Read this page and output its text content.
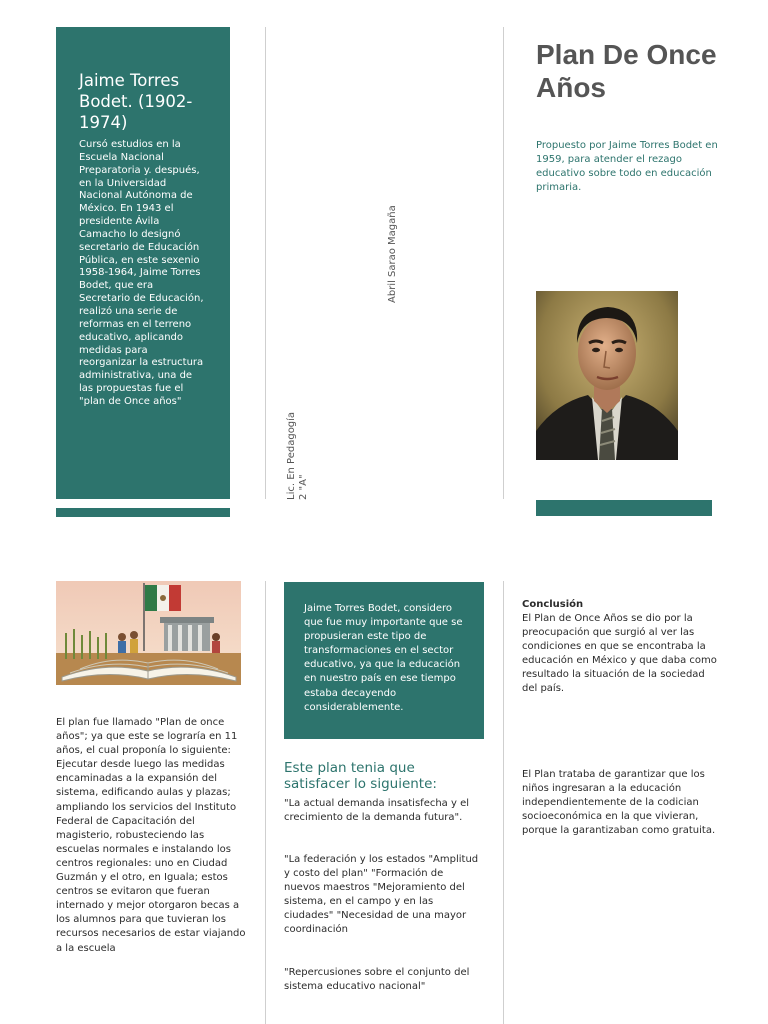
Jaime Torres Bodet. (1902-1974)
Cursó estudios en la Escuela Nacional Preparatoria y. después, en la Universidad Nacional Autónoma de México. En 1943 el presidente Ávila Camacho lo designó secretario de Educación Pública, en este sexenio 1958-1964, Jaime Torres Bodet, que era Secretario de Educación, realizó una serie de reformas en el terreno educativo, aplicando medidas para reorganizar la estructura administrativa, una de las propuestas fue el "plan de Once años"
Abril Sarao Magaña
Lic. En Pedagogía 2 "A"
Plan De Once Años
Propuesto por Jaime Torres Bodet en 1959, para atender el rezago educativo sobre todo en educación primaria.
El plan fue llamado "Plan de once años"; ya que este se lograría en 11 años, el cual proponía lo siguiente: Ejecutar desde luego las medidas encaminadas a la expansión del sistema, edificando aulas y plazas; ampliando los servicios del Instituto Federal de Capacitación del magisterio, robusteciendo las escuelas normales e instalando los centros regionales: uno en Ciudad Guzmán y el otro, en Iguala; estos centros se evitaron que fueran internado y mejor otorgaron becas a los alumnos para que tuvieran los recursos necesarios de estar viajando a la escuela
Jaime Torres Bodet, considero que fue muy importante que se propusieran este tipo de transformaciones en el sector educativo, ya que la educación en nuestro país en ese tiempo estaba decayendo considerablemente.
Este plan tenia que satisfacer lo siguiente:
"La actual demanda insatisfecha y el crecimiento de la demanda futura".
"La federación y los estados "Amplitud y costo del plan" "Formación de nuevos maestros "Mejoramiento del sistema, en el campo y en las ciudades" "Necesidad de una mayor coordinación
"Repercusiones sobre el conjunto del sistema educativo nacional"
Conclusión
El Plan de Once Años se dio por la preocupación que surgió al ver las condiciones en que se encontraba la educación en México y que daba como resultado la situación de la sociedad del país.
El Plan trataba de garantizar que los niños ingresaran a la educación independientemente de la codician socioeconómica en la que vivieran, porque la garantizaban como gratuita.
